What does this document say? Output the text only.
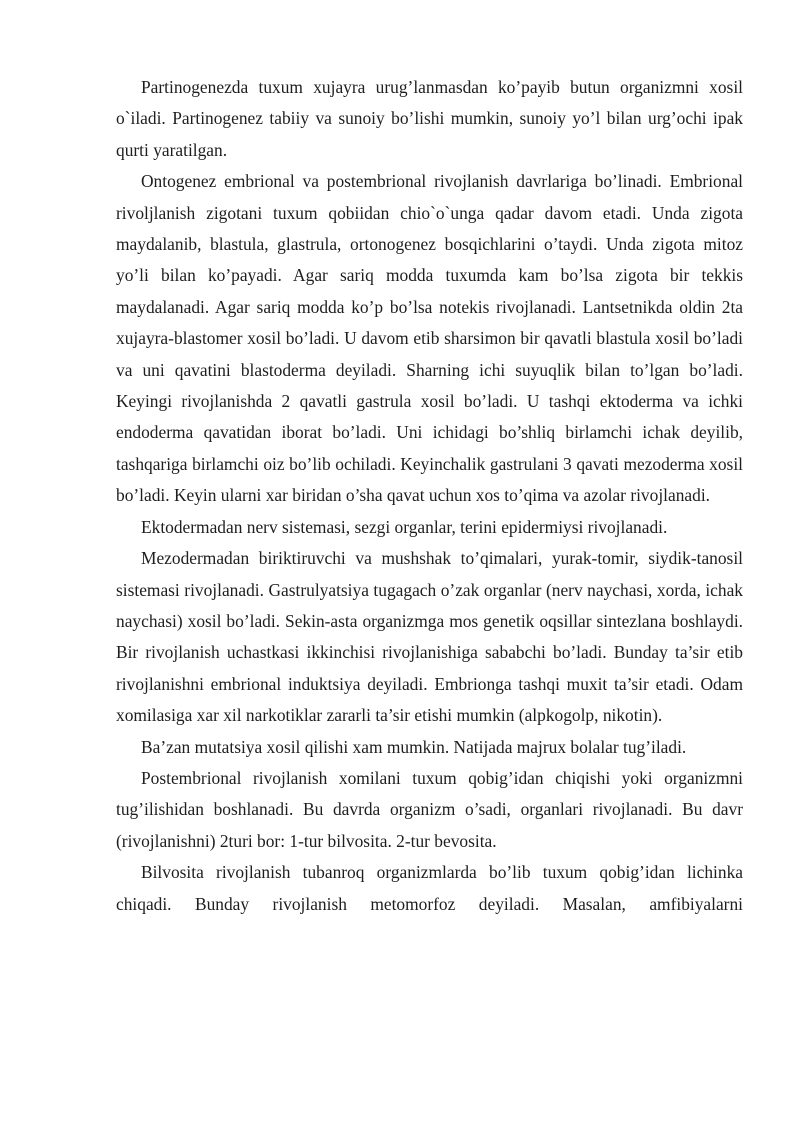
Partinogenezda tuxum xujayra urug’lanmasdan ko’payib butun organizmni xosil o`iladi. Partinogenez tabiiy va sunoiy bo’lishi mumkin, sunoiy yo’l bilan urg’ochi ipak qurti yaratilgan.

Ontogenez embrional va postembrional rivojlanish davrlariga bo’linadi. Embrional rivoljlanish zigotani tuxum qobiidan chio`o`unga qadar davom etadi. Unda zigota maydalanib, blastula, glastrula, ortonogenez bosqichlarini o’taydi. Unda zigota mitoz yo’li bilan ko’payadi. Agar sariq modda tuxumda kam bo’lsa zigota bir tekkis maydalanadi. Agar sariq modda ko’p bo’lsa notekis rivojlanadi. Lantsetnikda oldin 2ta xujayra-blastomer xosil bo’ladi. U davom etib sharsimon bir qavatli blastula xosil bo’ladi va uni qavatini blastoderma deyiladi. Sharning ichi suyuqlik bilan to’lgan bo’ladi. Keyingi rivojlanishda 2 qavatli gastrula xosil bo’ladi. U tashqi ektoderma va ichki endoderma qavatidan iborat bo’ladi. Uni ichidagi bo’shliq birlamchi ichak deyilib, tashqariga birlamchi oiz bo’lib ochiladi. Keyinchalik gastrulani 3 qavati mezoderma xosil bo’ladi. Keyin ularni xar biridan o’sha qavat uchun xos to’qima va azolar rivojlanadi.

Ektodermadan nerv sistemasi, sezgi organlar, terini epidermiysi rivojlanadi.

Mezodermadan biriktiruvchi va mushshak to’qimalari, yurak-tomir, siydik-tanosil sistemasi rivojlanadi. Gastrulyatsiya tugagach o’zak organlar (nerv naychasi, xorda, ichak naychasi) xosil bo’ladi. Sekin-asta organizmga mos genetik oqsillar sintezlana boshlaydi. Bir rivojlanish uchastkasi ikkinchisi rivojlanishiga sababchi bo’ladi. Bunday ta’sir etib rivojlanishni embrional induktsiya deyiladi. Embrionga tashqi muxit ta’sir etadi. Odam xomilasiga xar xil narkotiklar zararli ta’sir etishi mumkin (alpkogolp, nikotin).

Ba’zan mutatsiya xosil qilishi xam mumkin. Natijada majrux bolalar tug’iladi.

Postembrional rivojlanish xomilani tuxum qobig’idan chiqishi yoki organizmni tug’ilishidan boshlanadi. Bu davrda organizm o’sadi, organlari rivojlanadi. Bu davr (rivojlanishni) 2turi bor: 1-tur bilvosita. 2-tur bevosita.

Bilvosita rivojlanish tubanroq organizmlarda bo’lib tuxum qobig’idan lichinka chiqadi. Bunday rivojlanish metomorfoz deyiladi. Masalan, amfibiyalarni
